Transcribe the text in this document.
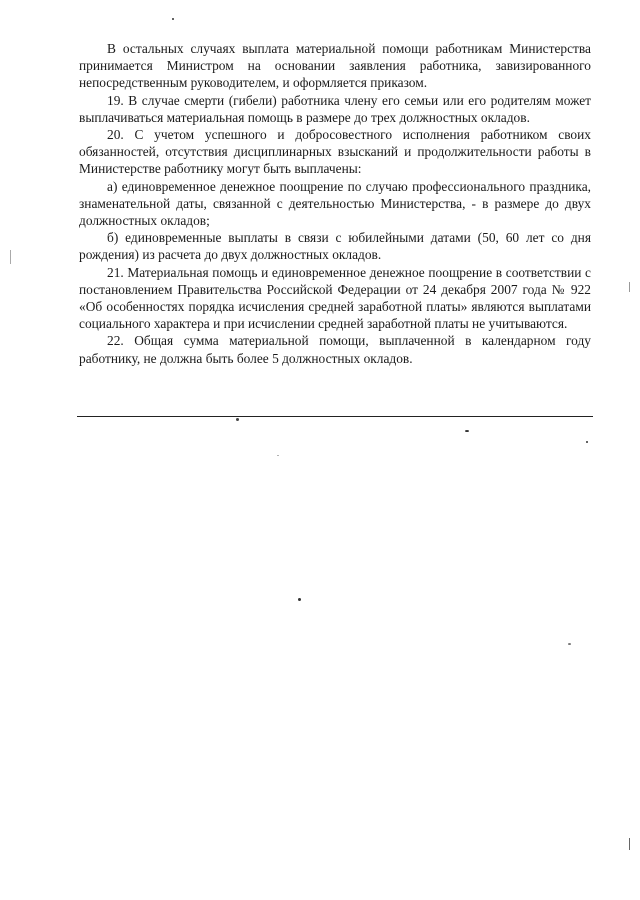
В остальных случаях выплата материальной помощи работникам Министерства принимается Министром на основании заявления работника, завизированного непосредственным руководителем, и оформляется приказом.

19. В случае смерти (гибели) работника члену его семьи или его родителям может выплачиваться материальная помощь в размере до трех должностных окладов.

20. С учетом успешного и добросовестного исполнения работником своих обязанностей, отсутствия дисциплинарных взысканий и продолжительности работы в Министерстве работнику могут быть выплачены:

а) единовременное денежное поощрение по случаю профессионального праздника, знаменательной даты, связанной с деятельностью Министерства, - в размере до двух должностных окладов;

б) единовременные выплаты в связи с юбилейными датами (50, 60 лет со дня рождения) из расчета до двух должностных окладов.

21. Материальная помощь и единовременное денежное поощрение в соответствии с постановлением Правительства Российской Федерации от 24 декабря 2007 года № 922 «Об особенностях порядка исчисления средней заработной платы» являются выплатами социального характера и при исчислении средней заработной платы не учитываются.

22. Общая сумма материальной помощи, выплаченной в календарном году работнику, не должна быть более 5 должностных окладов.
